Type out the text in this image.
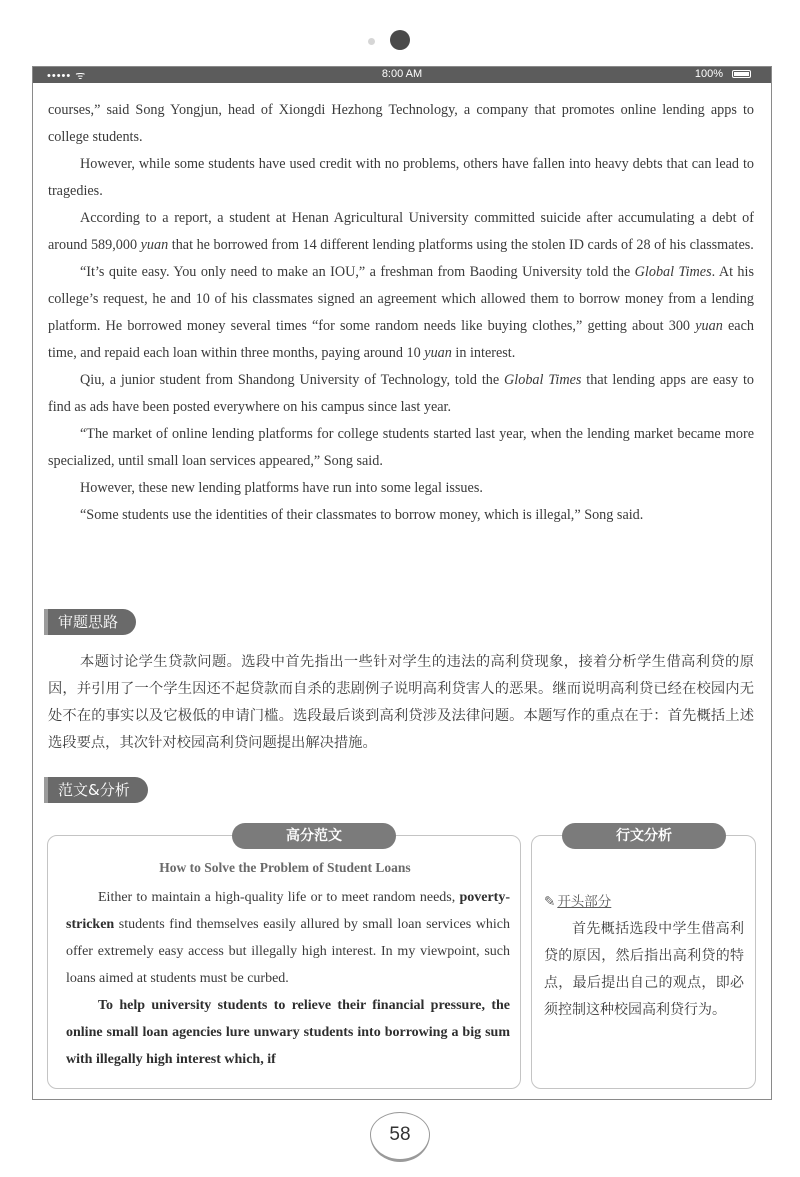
••••• ᯤ	8:00 AM	100%

courses,” said Song Yongjun, head of Xiongdi Hezhong Technology, a company that promotes online lending apps to college students.

However, while some students have used credit with no problems, others have fallen into heavy debts that can lead to tragedies.

According to a report, a student at Henan Agricultural University committed suicide after accumulating a debt of around 589,000 yuan that he borrowed from 14 different lending platforms using the stolen ID cards of 28 of his classmates.

“It’s quite easy. You only need to make an IOU,” a freshman from Baoding University told the Global Times. At his college’s request, he and 10 of his classmates signed an agreement which allowed them to borrow money from a lending platform. He borrowed money several times “for some random needs like buying clothes,” getting about 300 yuan each time, and repaid each loan within three months, paying around 10 yuan in interest.

Qiu, a junior student from Shandong University of Technology, told the Global Times that lending apps are easy to find as ads have been posted everywhere on his campus since last year.

“The market of online lending platforms for college students started last year, when the lending market became more specialized, until small loan services appeared,” Song said.

However, these new lending platforms have run into some legal issues.

“Some students use the identities of their classmates to borrow money, which is illegal,” Song said.

审题思路
本题讨论学生贷款问题。选段中首先指出一些针对学生的违法的高利贷现象，接着分析学生借高利贷的原因，并引用了一个学生因还不起贷款而自杀的悲剧例子说明高利贷害人的恶果。继而说明高利贷已经在校园内无处不在的事实以及它极低的申请门槛。选段最后谈到高利贷涉及法律问题。本题写作的重点在于：首先概括上述选段要点，其次针对校园高利贷问题提出解决措施。
范文&分析
高分范文
How to Solve the Problem of Student Loans

Either to maintain a high-quality life or to meet random needs, poverty-stricken students find themselves easily allured by small loan services which offer extremely easy access but illegally high interest. In my viewpoint, such loans aimed at students must be curbed.

To help university students to relieve their financial pressure, the online small loan agencies lure unwary students into borrowing a big sum with illegally high interest which, if

行文分析
✎ 开头部分
首先概括选段中学生借高利贷的原因，然后指出高利贷的特点，最后提出自己的观点，即必须控制这种校园高利贷行为。
58
